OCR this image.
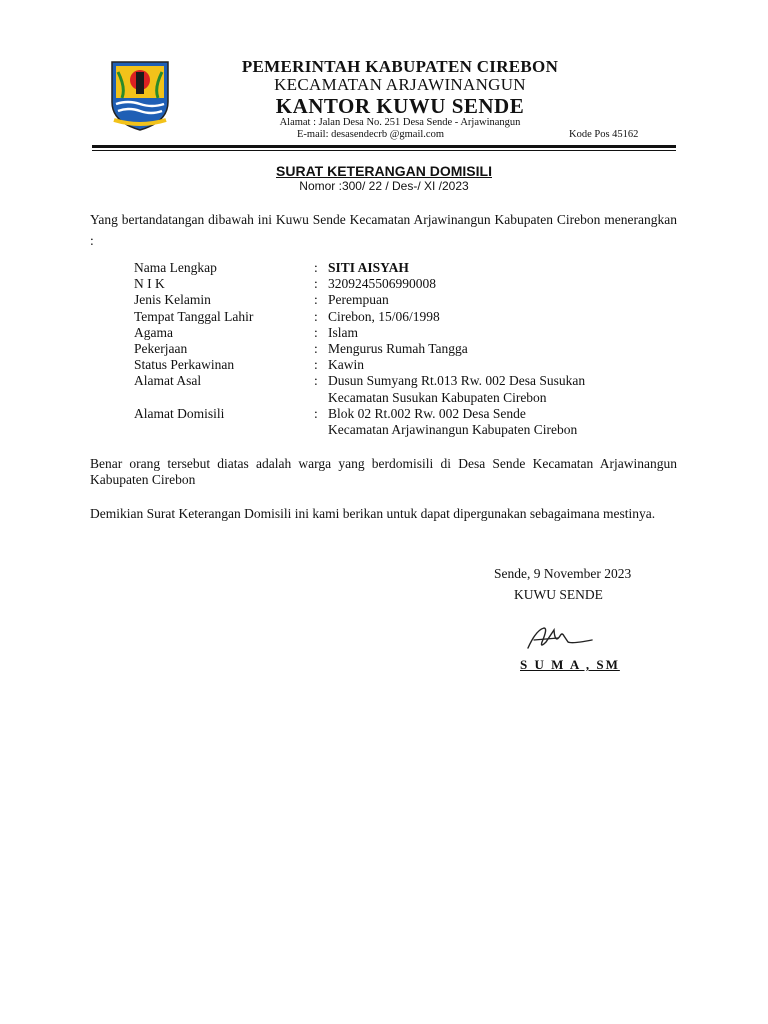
PEMERINTAH KABUPATEN CIREBON
KECAMATAN ARJAWINANGUN
KANTOR KUWU SENDE
Alamat : Jalan Desa No. 251 Desa Sende - Arjawinangun
E-mail: desasendecrb @gmail.com	Kode Pos 45162
SURAT KETERANGAN DOMISILI
Nomor :300/ 22 / Des-/ XI /2023
Yang bertandatangan dibawah ini Kuwu Sende Kecamatan Arjawinangun Kabupaten Cirebon menerangkan :
Nama Lengkap	: SITI AISYAH
N I K	: 3209245506990008
Jenis Kelamin	: Perempuan
Tempat Tanggal Lahir	: Cirebon, 15/06/1998
Agama	: Islam
Pekerjaan	: Mengurus Rumah Tangga
Status Perkawinan	: Kawin
Alamat Asal	: Dusun Sumyang Rt.013 Rw. 002 Desa Susukan
Kecamatan Susukan Kabupaten Cirebon
Alamat Domisili	: Blok 02 Rt.002 Rw. 002 Desa Sende
Kecamatan Arjawinangun Kabupaten Cirebon
Benar orang tersebut diatas adalah warga yang berdomisili di Desa Sende Kecamatan Arjawinangun Kabupaten Cirebon
Demikian Surat Keterangan Domisili ini kami berikan untuk dapat dipergunakan sebagaimana mestinya.
Sende, 9 November 2023
KUWU SENDE
S U M A , SM
